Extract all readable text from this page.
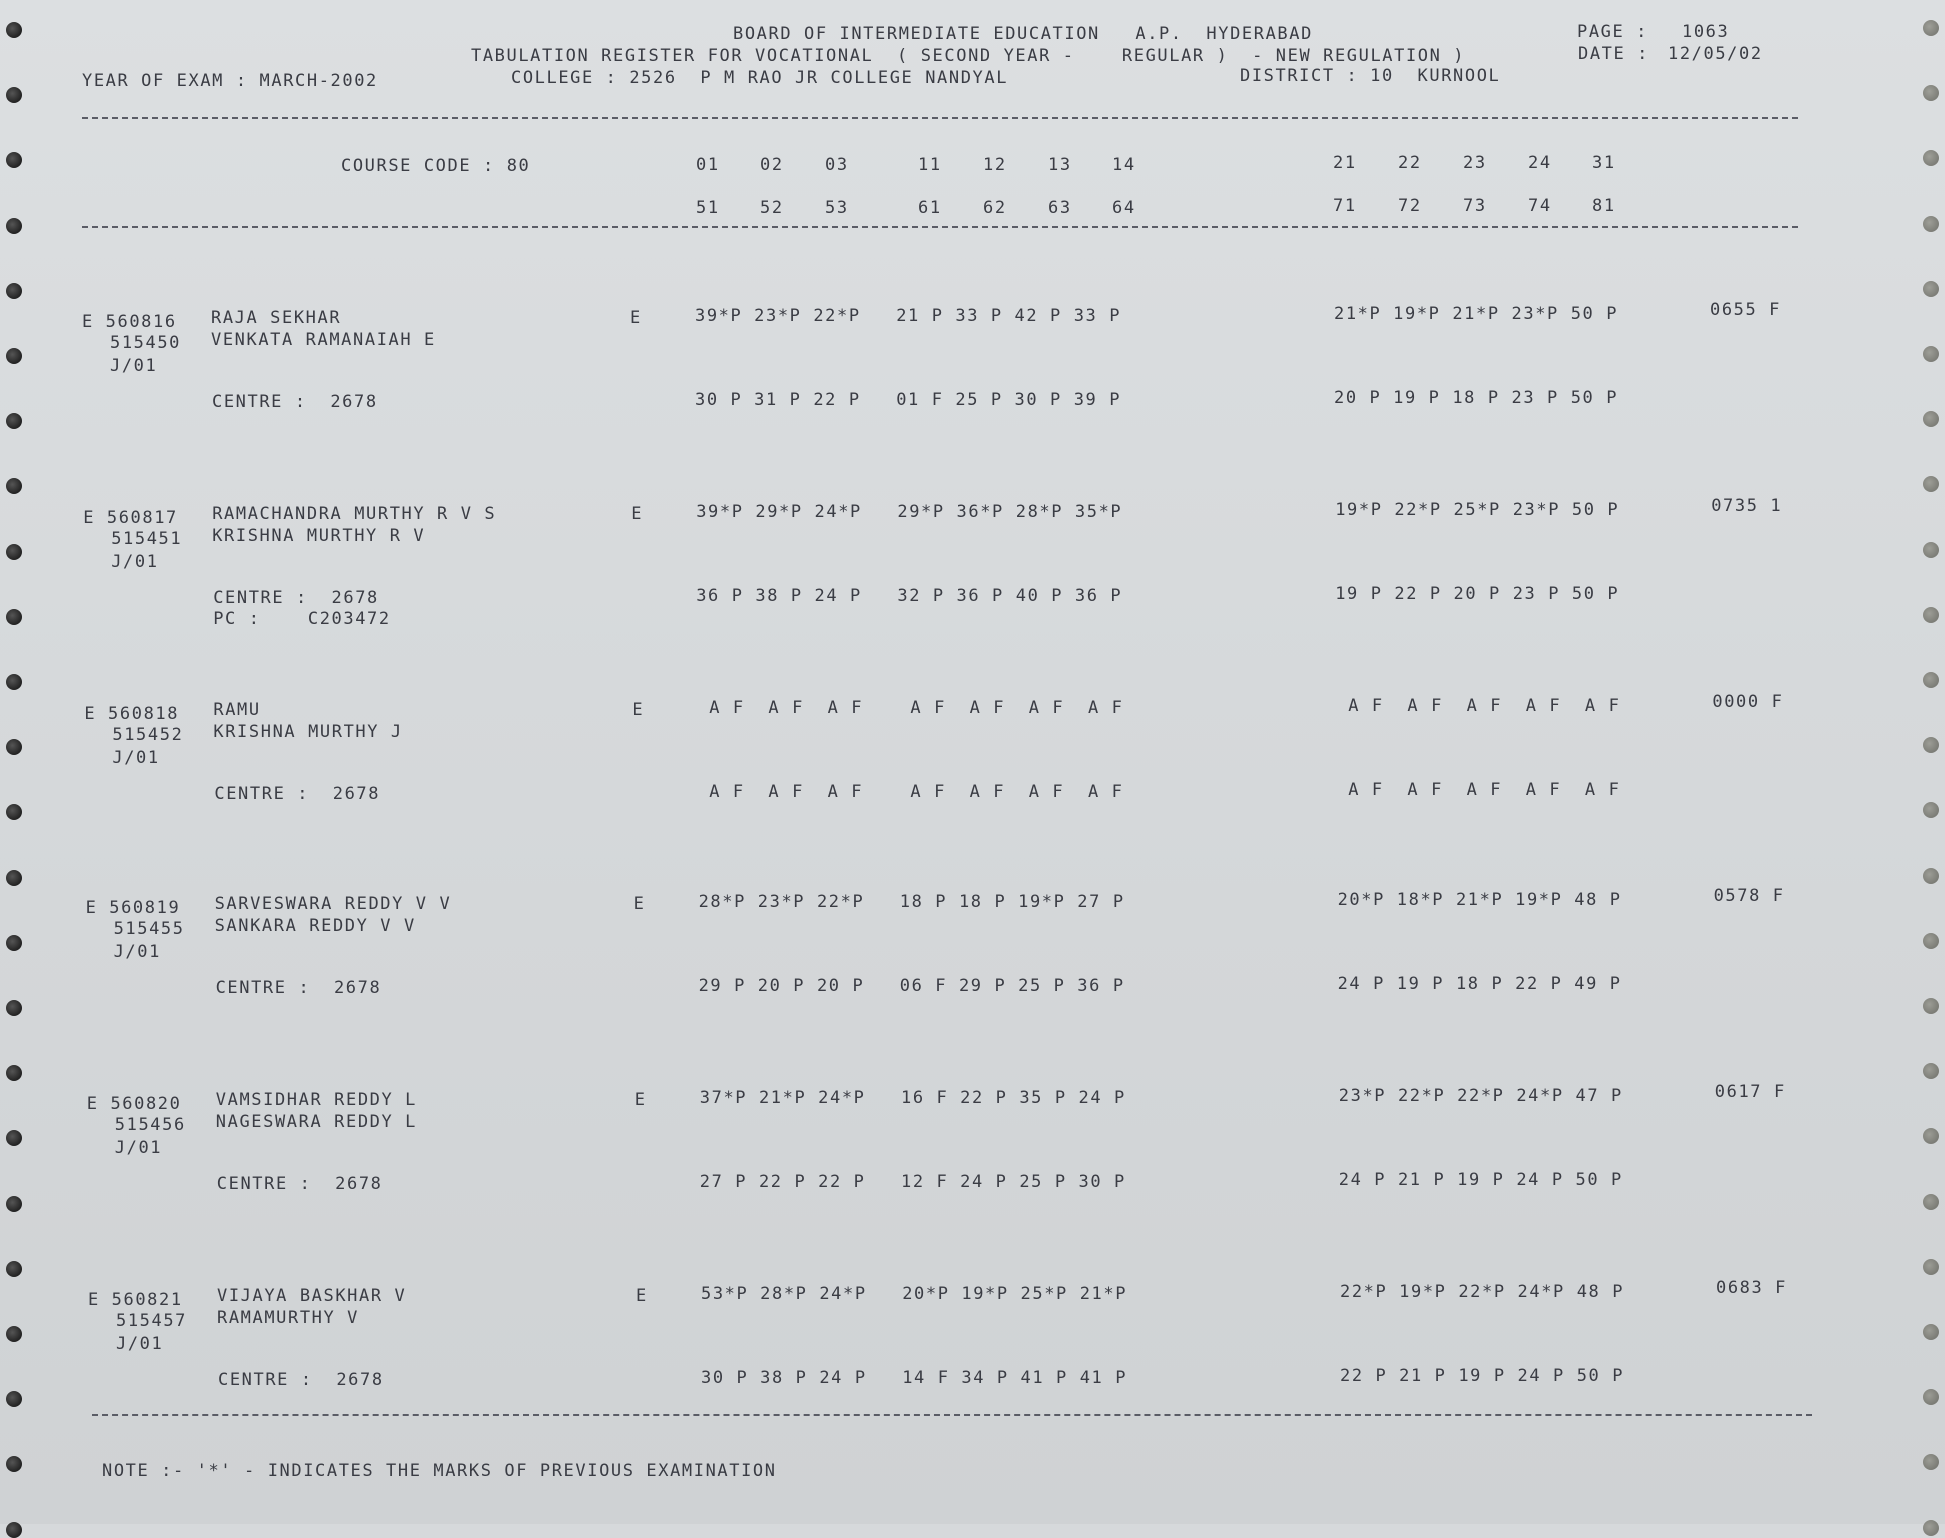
BOARD OF INTERMEDIATE EDUCATION   A.P.  HYDERABAD	PAGE : 1063
TABULATION REGISTER FOR VOCATIONAL  ( SECOND YEAR -    REGULAR )  - NEW REGULATION )	DATE : 12/05/02
YEAR OF EXAM : MARCH-2002	COLLEGE : 2526  P M RAO JR COLLEGE NANDYAL	DISTRICT : 10  KURNOOL
COURSE CODE : 80	01 02 03	11 12 13 14	21 22 23 24 31
51 52 53	61 62 63 64	71 72 73 74 81
E 560816 RAJA SEKHAR
515450 VENKATA RAMANAIAH E
J/01
E	39*P 23*P 22*P   21 P 33 P 42 P 33 P	21*P 19*P 21*P 23*P 50 P	0655 F
CENTRE :  2678	30 P 31 P 22 P   01 F 25 P 30 P 39 P	20 P 19 P 18 P 23 P 50 P
E 560817 RAMACHANDRA MURTHY R V S
515451 KRISHNA MURTHY R V
J/01
E	39*P 29*P 24*P   29*P 36*P 28*P 35*P	19*P 22*P 25*P 23*P 50 P	0735 1
CENTRE :  2678	36 P 38 P 24 P   32 P 36 P 40 P 36 P	19 P 22 P 20 P 23 P 50 P
PC :    C203472
E 560818 RAMU
515452 KRISHNA MURTHY J
J/01
E	A F  A F  A F    A F  A F  A F  A F	A F  A F  A F  A F  A F	0000 F
CENTRE :  2678	A F  A F  A F    A F  A F  A F  A F	A F  A F  A F  A F  A F
E 560819 SARVESWARA REDDY V V
515455 SANKARA REDDY V V
J/01
E	28*P 23*P 22*P   18 P 18 P 19*P 27 P	20*P 18*P 21*P 19*P 48 P	0578 F
CENTRE :  2678	29 P 20 P 20 P   06 F 29 P 25 P 36 P	24 P 19 P 18 P 22 P 49 P
E 560820 VAMSIDHAR REDDY L
515456 NAGESWARA REDDY L
J/01
E	37*P 21*P 24*P   16 F 22 P 35 P 24 P	23*P 22*P 22*P 24*P 47 P	0617 F
CENTRE :  2678	27 P 22 P 22 P   12 F 24 P 25 P 30 P	24 P 21 P 19 P 24 P 50 P
E 560821 VIJAYA BASKHAR V
515457 RAMAMURTHY V
J/01
E	53*P 28*P 24*P   20*P 19*P 25*P 21*P	22*P 19*P 22*P 24*P 48 P	0683 F
CENTRE :  2678	30 P 38 P 24 P   14 F 34 P 41 P 41 P	22 P 21 P 19 P 24 P 50 P
NOTE :- '*' - INDICATES THE MARKS OF PREVIOUS EXAMINATION
